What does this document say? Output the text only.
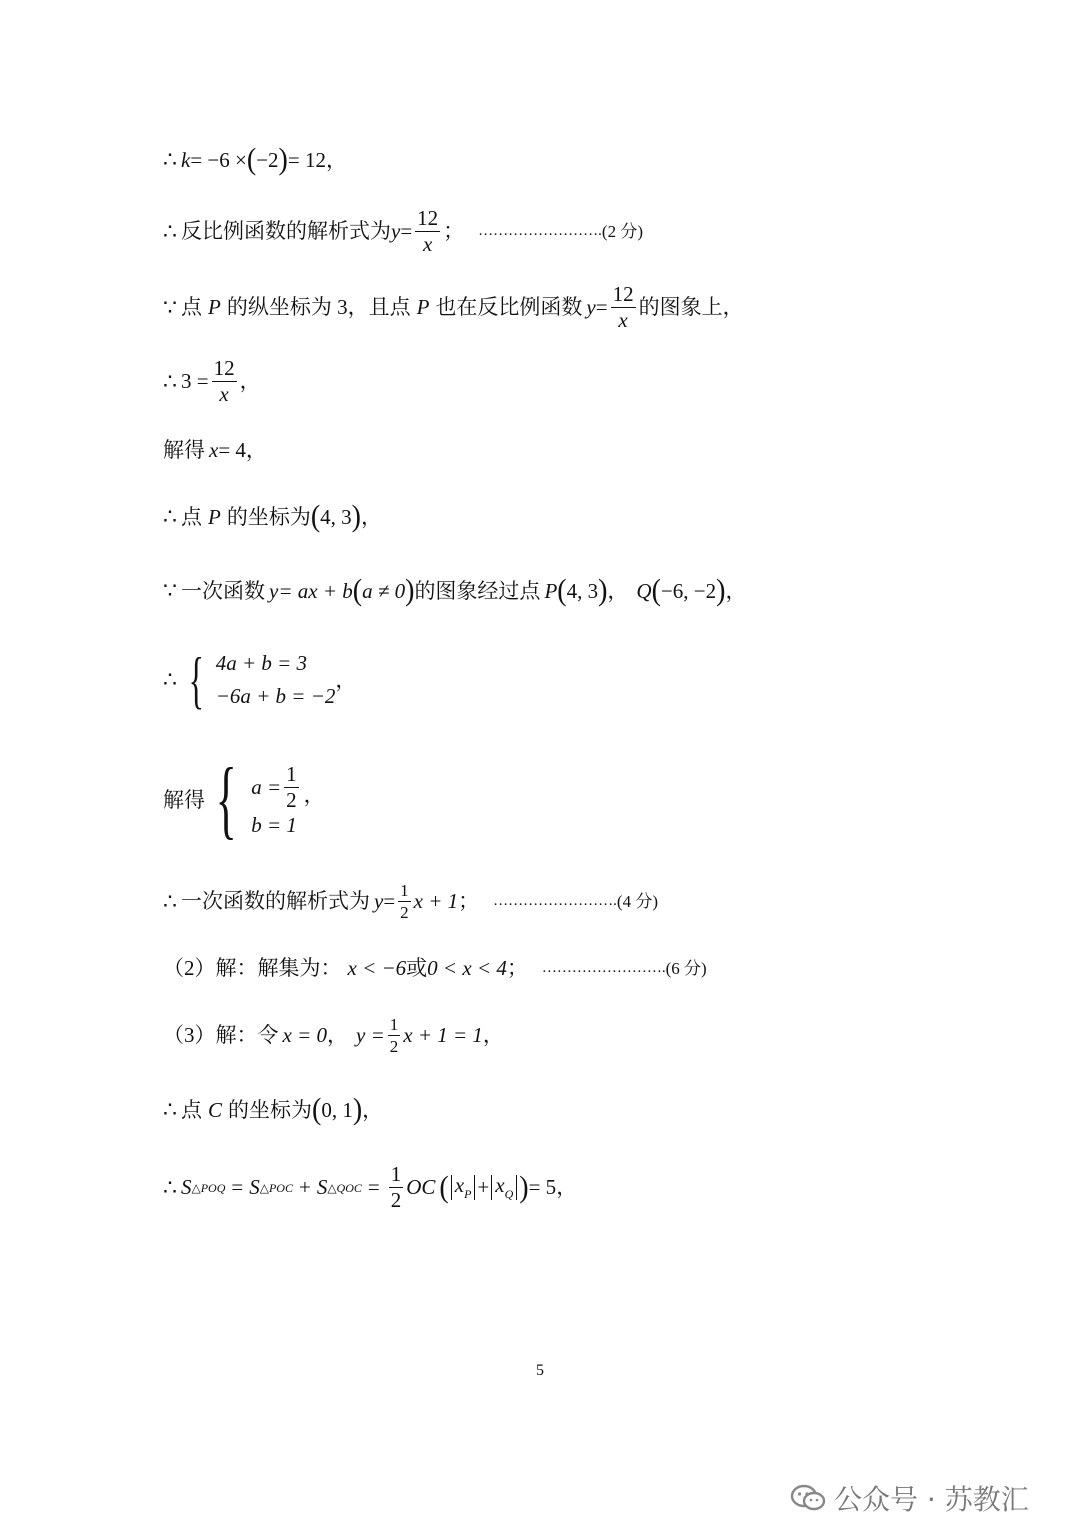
∴ k = −6 × ( −2 ) = 12 ，
∴ 反比例函数的解析式为 $y = \frac{12}{x}$ ； ……………………. (2 分)
∵ 点 P 的纵坐标为 3，且点 P 也在反比例函数 $y = \frac{12}{x}$ 的图象上，
∴ $3 = \frac{12}{x}$ ，
解得 x = 4 ，
∴ 点 P 的坐标为 ( 4, 3 ) ，
∵ 一次函数 y = ax + b ( a ≠ 0 ) 的图象经过点 P ( 4, 3 ) ， Q ( −6, −2 ) ，
∴ { 4a + b = 3
−6a + b = −2
，
解得 { $a = \frac{1}{2}$
b = 1
，
∴ 一次函数的解析式为 $y = \frac{1}{2}$ x + 1 ； ……………………. (4 分)
（2）解：解集为： x < −6 或 0 < x < 4 ； ……………………. (6 分)
（3）解：令 x = 0 ， $y = \frac{1}{2}$ x + 1 = 1 ，
∴ 点 C 的坐标为 ( 0, 1 ) ，
∴ S △POQ = S △POC + S △QOC = $\frac{1}{2}$ OC ( $x_P + x_Q$ ) = 5 ，
5
公众号 · 苏教汇
